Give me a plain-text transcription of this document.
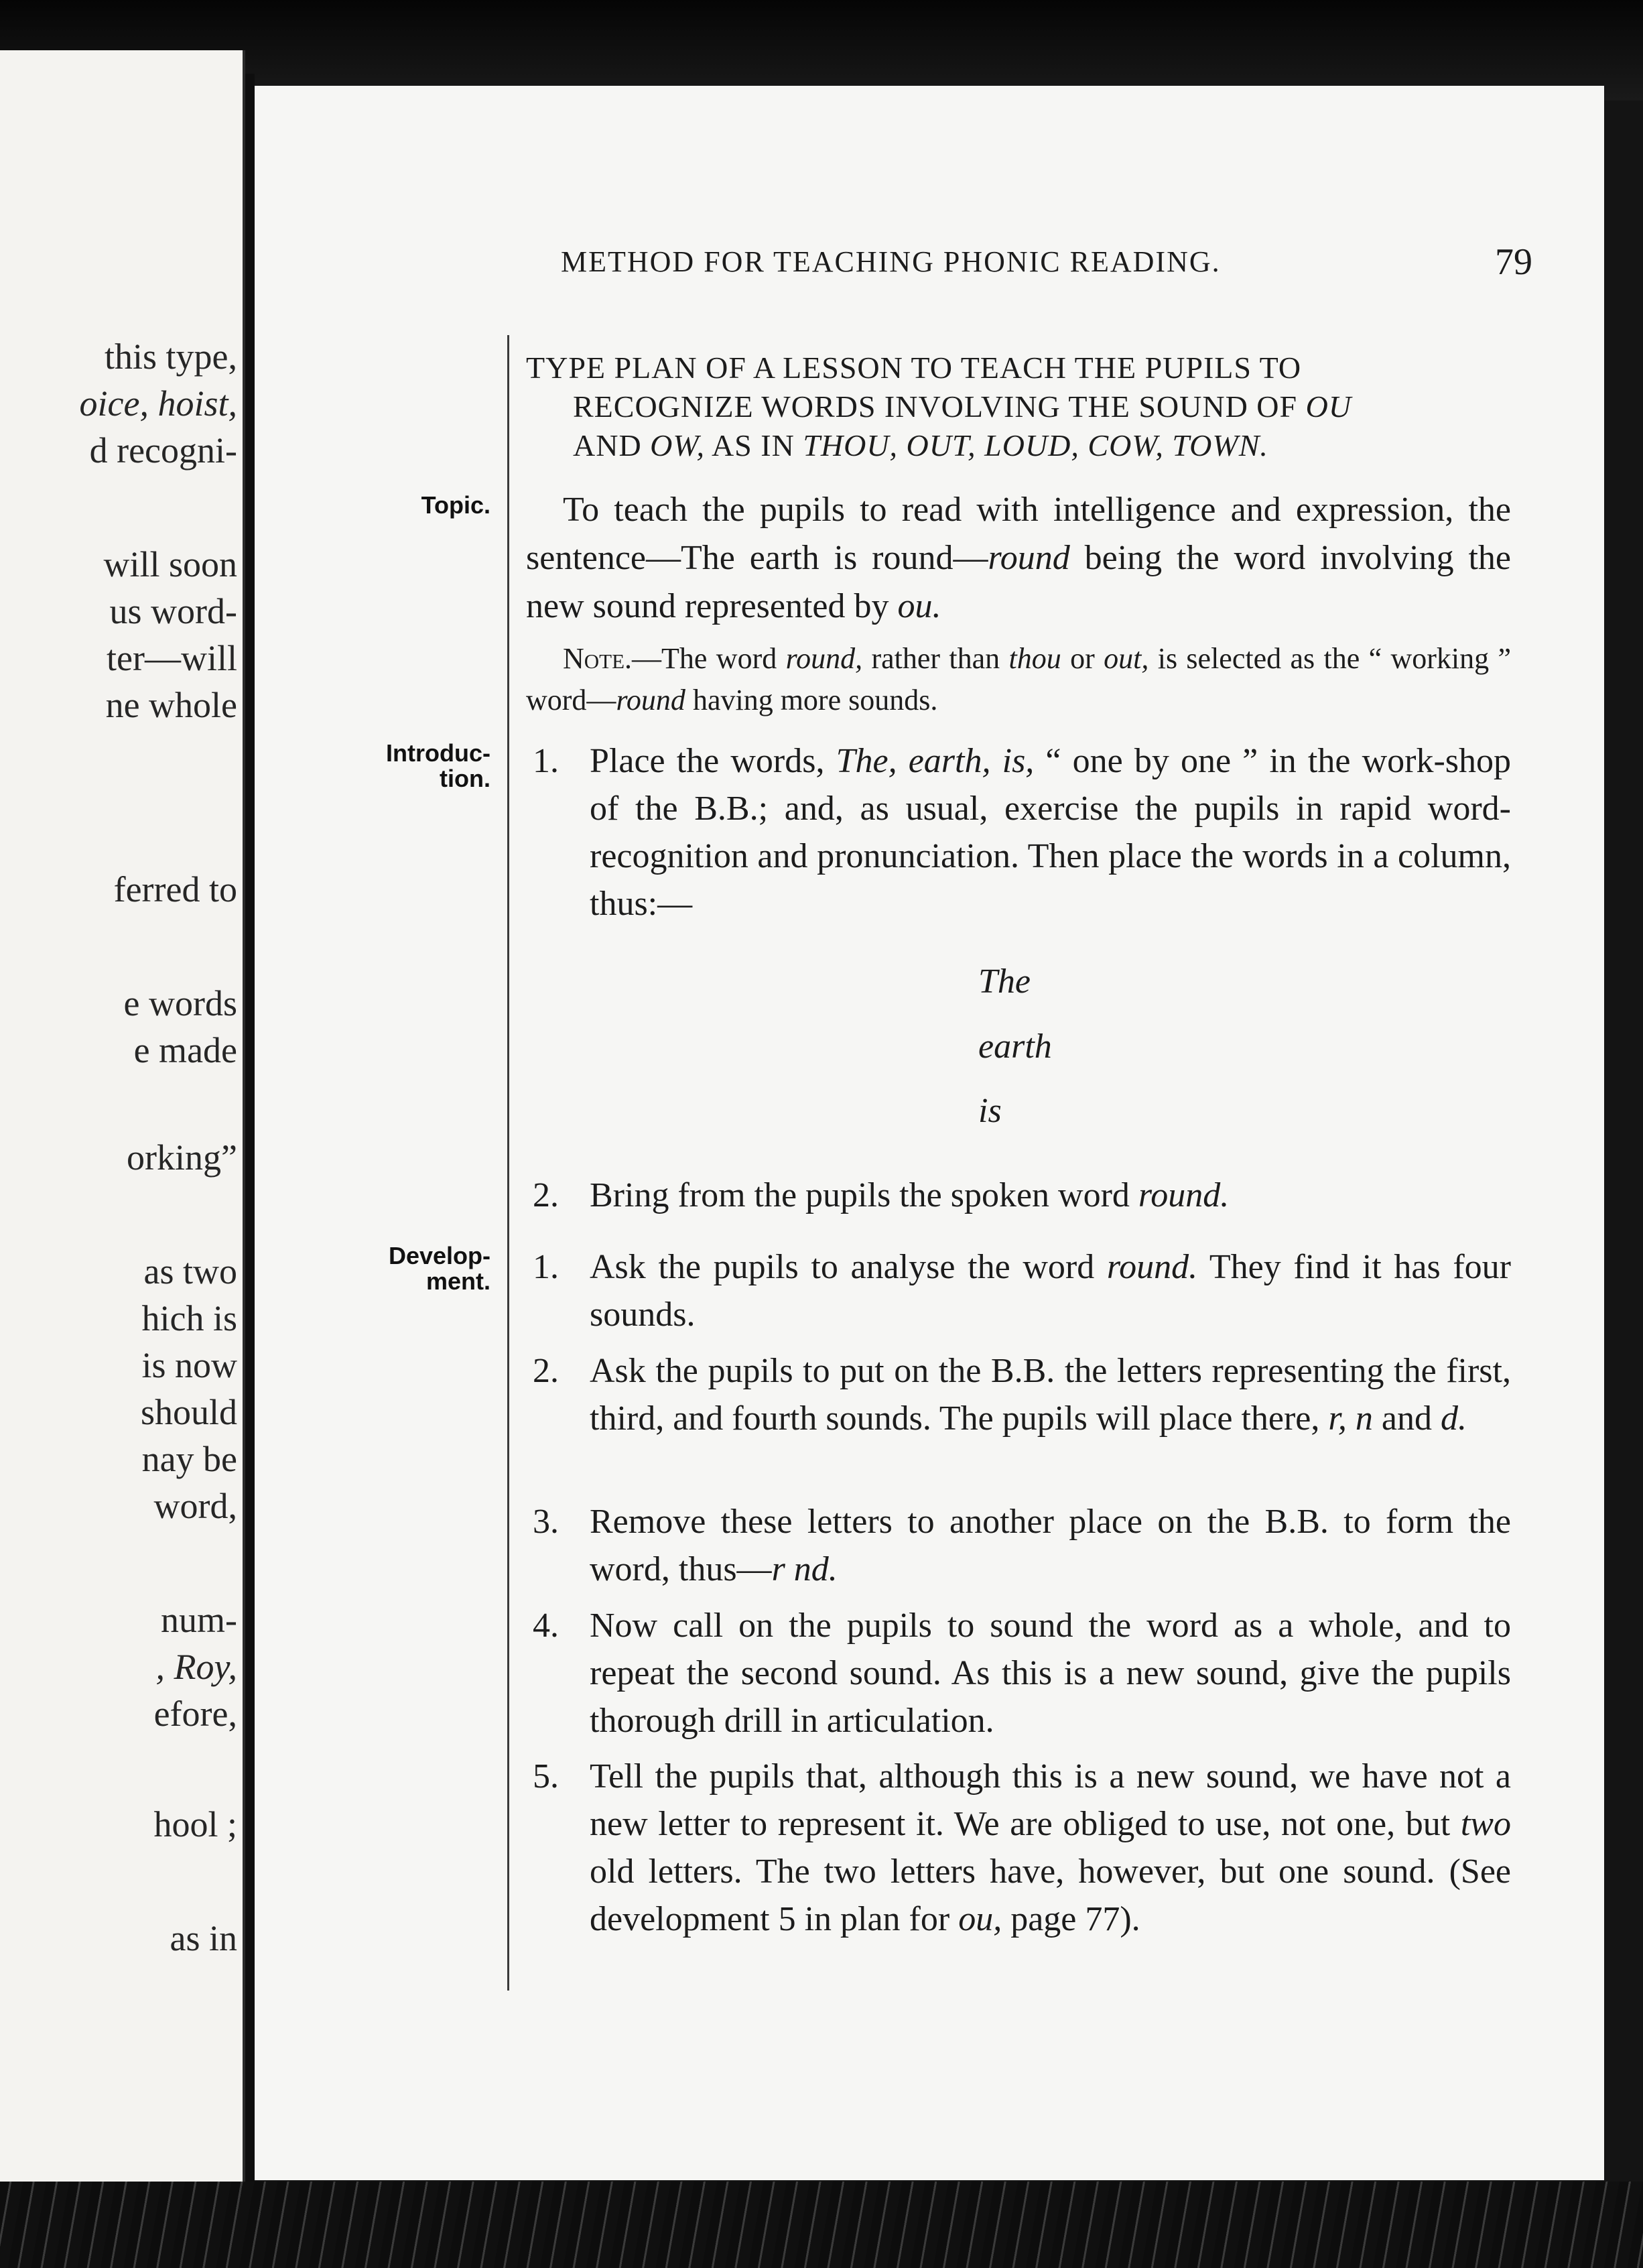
this type,
oice, hoist,
d recogni-
will soon
us word-
ter—will
ne whole
ferred to
e words
e made
orking”
as two
hich is
is now
should
nay be
word,
num-
, Roy,
efore,
hool ;
as in
METHOD FOR TEACHING PHONIC READING.	79
Topic.
Introduc-
tion.
Develop-
ment.
TYPE PLAN OF A LESSON TO TEACH THE PUPILS TO
RECOGNIZE WORDS INVOLVING THE SOUND OF OU
AND OW, AS IN THOU, OUT, LOUD, COW, TOWN.
To teach the pupils to read with intelligence and expression, the sentence—The earth is round—round being the word involving the new sound represented by ou.
Note.—The word round, rather than thou or out, is selected as the “ working ” word—round having more sounds.
1. Place the words, The, earth, is, “ one by one ” in the work-shop of the B.B.; and, as usual, exercise the pupils in rapid word-recognition and pronunciation. Then place the words in a column, thus:—
The
earth
is
2. Bring from the pupils the spoken word round.
1. Ask the pupils to analyse the word round. They find it has four sounds.
2. Ask the pupils to put on the B.B. the letters representing the first, third, and fourth sounds. The pupils will place there, r, n and d.
3. Remove these letters to another place on the B.B. to form the word, thus—r nd.
4. Now call on the pupils to sound the word as a whole, and to repeat the second sound. As this is a new sound, give the pupils thorough drill in articulation.
5. Tell the pupils that, although this is a new sound, we have not a new letter to represent it. We are obliged to use, not one, but two old letters. The two letters have, however, but one sound. (See development 5 in plan for ou, page 77).
